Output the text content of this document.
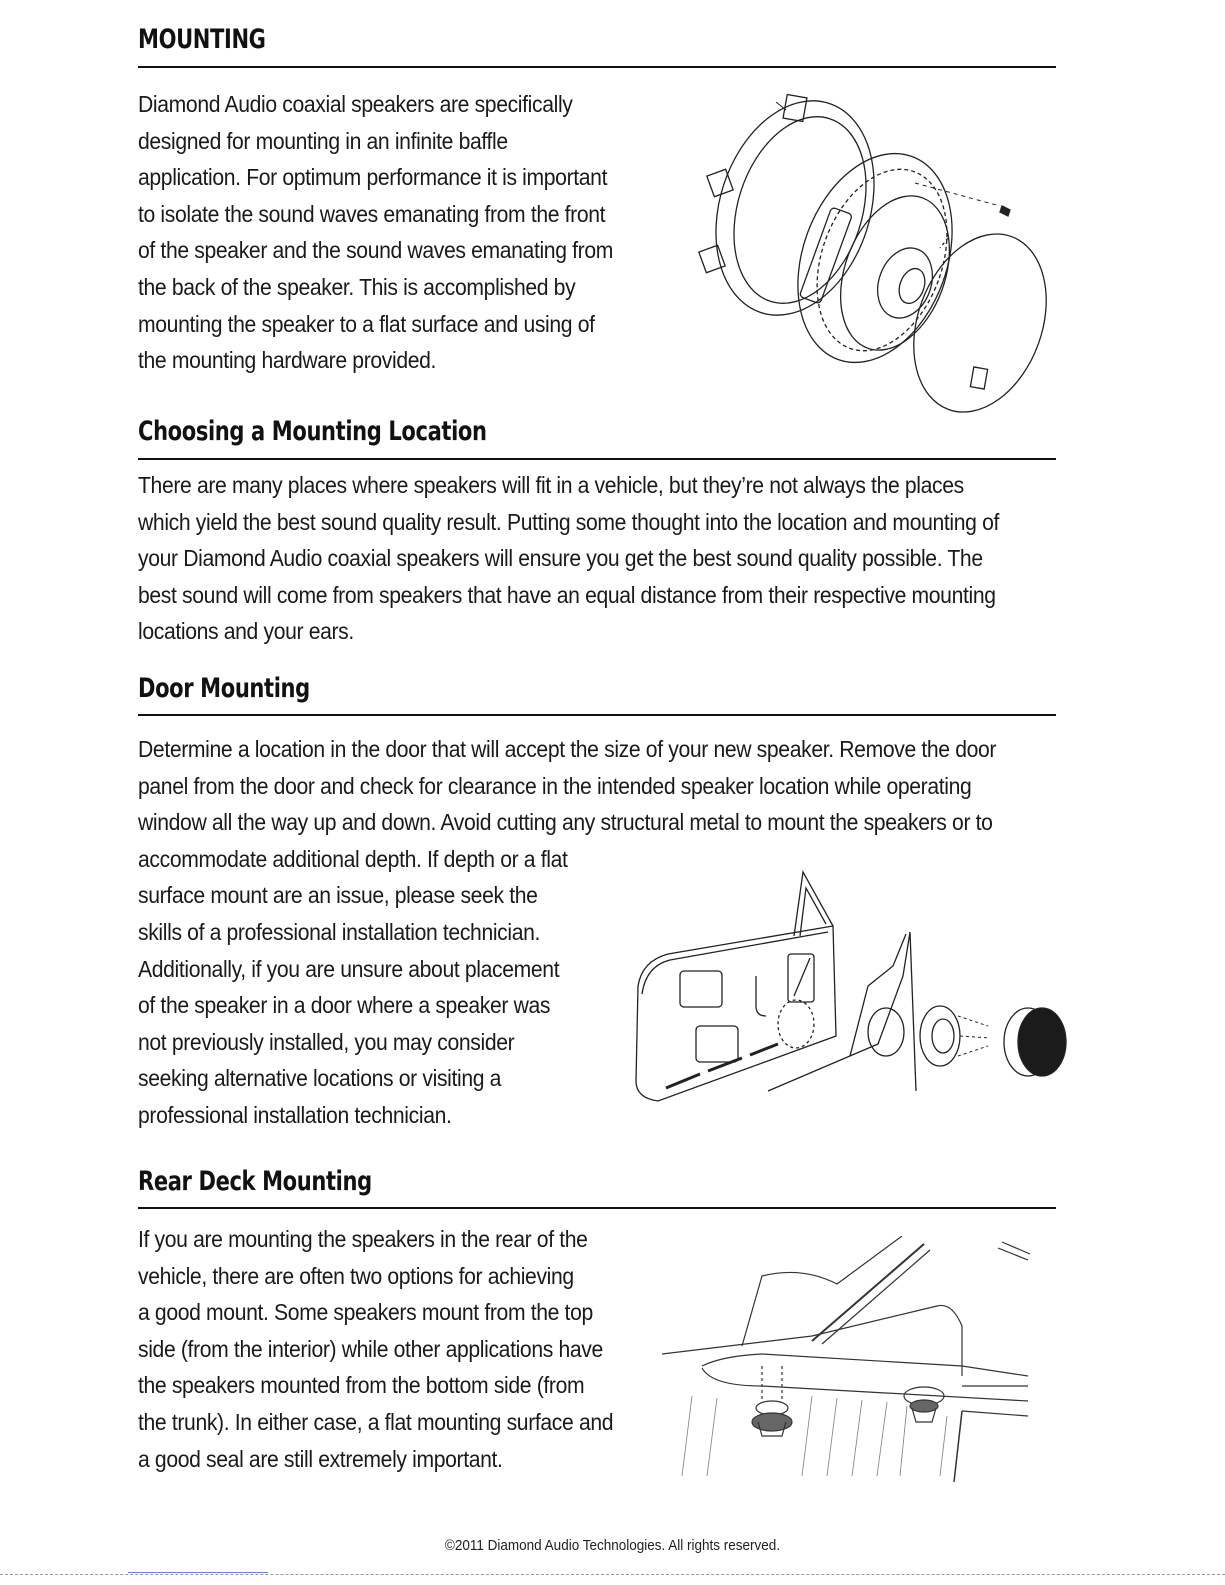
MOUNTING
Diamond Audio coaxial speakers are specifically
designed for mounting in an infinite baffle
application. For optimum performance it is important
to isolate the sound waves emanating from the front
of the speaker and the sound waves emanating from
the back of the speaker. This is accomplished by
mounting the speaker to a flat surface and using of
the mounting hardware provided.
Choosing a Mounting Location
There are many places where speakers will fit in a vehicle, but they’re not always the places
which yield the best sound quality result. Putting some thought into the location and mounting of
your Diamond Audio coaxial speakers will ensure you get the best sound quality possible. The
best sound will come from speakers that have an equal distance from their respective mounting
locations and your ears.
Door Mounting
Determine a location in the door that will accept the size of your new speaker. Remove the door
panel from the door and check for clearance in the intended speaker location while operating
window all the way up and down. Avoid cutting any structural metal to mount the speakers or to
accommodate additional depth. If depth or a flat
surface mount are an issue, please seek the
skills of a professional installation technician.
Additionally, if you are unsure about placement
of the speaker in a door where a speaker was
not previously installed, you may consider
seeking alternative locations or visiting a
professional installation technician.
Rear Deck Mounting
If you are mounting the speakers in the rear of the
vehicle, there are often two options for achieving
a good mount. Some speakers mount from the top
side (from the interior) while other applications have
the speakers mounted from the bottom side (from
the trunk). In either case, a flat mounting surface and
a good seal are still extremely important.
©2011 Diamond Audio Technologies. All rights reserved.
